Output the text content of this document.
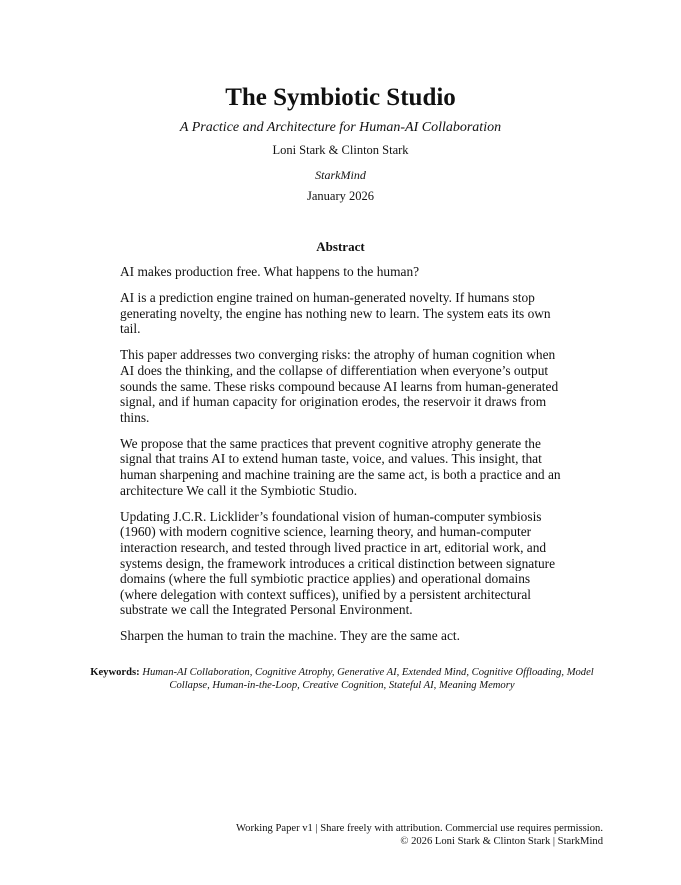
The Symbiotic Studio
A Practice and Architecture for Human-AI Collaboration
Loni Stark & Clinton Stark
StarkMind
January 2026
Abstract

AI makes production free. What happens to the human?

AI is a prediction engine trained on human-generated novelty. If humans stop generating novelty, the engine has nothing new to learn. The system eats its own tail.

This paper addresses two converging risks: the atrophy of human cognition when AI does the thinking, and the collapse of differentiation when everyone’s output sounds the same. These risks compound because AI learns from human-generated signal, and if human capacity for origination erodes, the reservoir it draws from thins.

We propose that the same practices that prevent cognitive atrophy generate the signal that trains AI to extend human taste, voice, and values. This insight, that human sharpening and machine training are the same act, is both a practice and an architecture We call it the Symbiotic Studio.

Updating J.C.R. Licklider’s foundational vision of human-computer symbiosis (1960) with modern cognitive science, learning theory, and human-computer interaction research, and tested through lived practice in art, editorial work, and systems design, the framework introduces a critical distinction between signature domains (where the full symbiotic practice applies) and operational domains (where delegation with context suffices), unified by a persistent architectural substrate we call the Integrated Personal Environment.

Sharpen the human to train the machine. They are the same act.

Keywords: Human-AI Collaboration, Cognitive Atrophy, Generative AI, Extended Mind, Cognitive Offloading, Model Collapse, Human-in-the-Loop, Creative Cognition, Stateful AI, Meaning Memory
Working Paper v1 | Share freely with attribution. Commercial use requires permission.
© 2026 Loni Stark & Clinton Stark | StarkMind
